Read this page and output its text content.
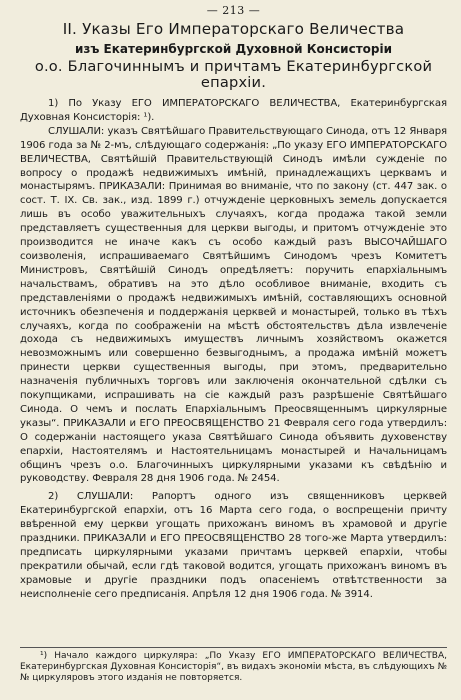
— 213 —
II. Указы Его Императорскаго Величества
изъ Екатеринбургской Духовной Консисторіи
о.о. Благочиннымъ и причтамъ Екатеринбургской
епархіи.

1) По Указу ЕГО ИМПЕРАТОРСКАГО ВЕЛИЧЕСТВА, Екатеринбургская Духовная Консисторія: ¹).

СЛУШАЛИ: указъ Святѣйшаго Правительствующаго Синода, отъ 12 Января 1906 года за № 2-мъ, слѣдующаго содержанія: „По указу ЕГО ИМПЕРАТОРСКАГО ВЕЛИЧЕСТВА, Святѣйшій Правительствующій Синодъ имѣли сужденіе по вопросу о продажѣ недвижимыхъ имѣній, принадлежащихъ церквамъ и монастырямъ. ПРИКАЗАЛИ: Принимая во вниманіе, что по закону (ст. 447 зак. о сост. Т. IX. Св. зак., изд. 1899 г.) отчужденіе церковныхъ земель допускается лишь въ особо уважительныхъ случаяхъ, когда продажа такой земли представляетъ существенныя для церкви выгоды, и притомъ отчужденіе это производится не иначе какъ съ особо каждый разъ ВЫСОЧАЙШАГО соизволенія, испрашиваемаго Святѣйшимъ Синодомъ чрезъ Комитетъ Министровъ, Святѣйшій Синодъ опредѣляетъ: поручить епархіальнымъ начальствамъ, обративъ на это дѣло особливое вниманіе, входить съ представленіями о продажѣ недвижимыхъ имѣній, составляющихъ основной источникъ обезпеченія и поддержанія церквей и монастырей, только въ тѣхъ случаяхъ, когда по соображеніи на мѣстѣ обстоятельствъ дѣла извлеченіе дохода съ недвижимыхъ имуществъ личнымъ хозяйствомъ окажется невозможнымъ или совершенно безвыгоднымъ, а продажа имѣній можетъ принести церкви существенныя выгоды, при этомъ, предварительно назначенія публичныхъ торговъ или заключенія окончательной сдѣлки съ покупщиками, испрашивать на сіе каждый разъ разрѣшеніе Святѣйшаго Синода. О чемъ и послать Епархіальнымъ Преосвященнымъ циркулярные указы“. ПРИКАЗАЛИ и ЕГО ПРЕОСВЯЩЕНСТВО 21 Февраля сего года утвердилъ: О содержаніи настоящего указа Святѣйшаго Синода объявить духовенству епархіи, Настоятелямъ и Настоятельницамъ монастырей и Начальницамъ общинъ чрезъ о.о. Благочинныхъ циркулярными указами къ свѣдѣнію и руководству. Февраля 28 дня 1906 года. № 2454.

2) СЛУШАЛИ: Рапортъ одного изъ священниковъ церквей Екатеринбургской епархіи, отъ 16 Марта сего года, о воспрещеніи причту ввѣренной ему церкви угощать прихожанъ виномъ въ храмовой и другіе праздники. ПРИКАЗАЛИ и ЕГО ПРЕОСВЯЩЕНСТВО 28 того-же Марта утвердилъ: предписать циркулярными указами причтамъ церквей епархіи, чтобы прекратили обычай, если гдѣ таковой водится, угощать прихожанъ виномъ въ храмовые и другіе праздники подъ опасеніемъ отвѣтственности за неисполненіе сего предписанія. Апрѣля 12 дня 1906 года. № 3914.

¹) Начало каждого циркуляра: „По Указу ЕГО ИМПЕРАТОРСКАГО ВЕЛИЧЕСТВА, Екатеринбургская Духовная Консисторія“, въ видахъ экономіи мѣста, въ слѣдующихъ №№ циркуляровъ этого изданія не повторяется.
